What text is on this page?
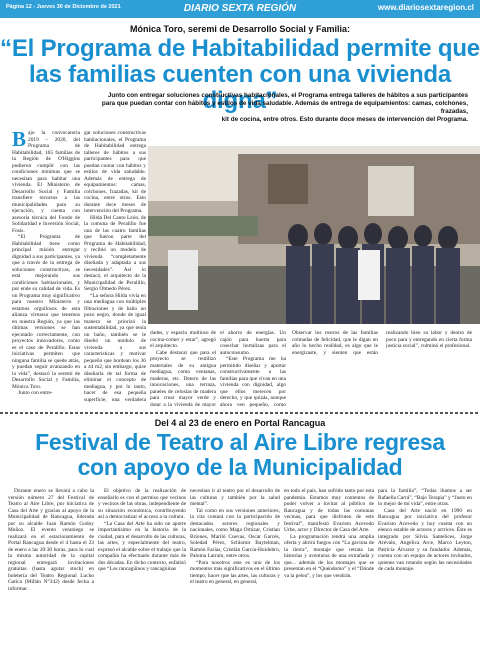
Página 12 - Jueves 30 de Diciembre de 2021	DIARIO SEXTA REGIÓN	www.diariosextaregion.cl
Mónica Toro, seremi de Desarrollo Social y Familia:
“El Programa de Habitabilidad permite que
las familias cuenten con una vivienda digna”
Junto con entregar soluciones constructivas habitacionales, el Programa entrega talleres de hábitos a sus participantes
para que puedan contar con hábitos y estilos de vida saludable. Además de entrega de equipamientos: camas, colchones, frazadas,
kit de cocina, entre otros. Esto durante doce meses de intervención del Programa.
B ajo la convocatoria 2019 – 2020, del Programa de Habitabilidad, 165 familias de la Región de O'Higgins pudieron cumplir con las condiciones mínimas que se necesitan para habitar una vivienda. El Ministerio de Desarrollo Social y Familia transfiere recursos a las municipalidades para su ejecución, y cuenta con asesoría técnica del Fondo de Solidaridad e Inversión Social, Fosis.

“El Programa de Habitabilidad tiene como principal misión entregar dignidad a sus participantes, ya que a través de la entrega de soluciones constructivas, se está mejorando sus condiciones habitacionales, y por ende su calidad de vida. Es un Programa muy significativo para nuestro Ministerio y estamos orgullosos de esta alianza virtuosa que tenemos en nuestra Región, ya que las últimas versiones se han ejecutado correctamente, con proyectos innovadores, como es el caso de Peralillo. Estas iniciativas permiten que ninguna familia se quede atrás, y puedan seguir avanzando en la vida”, destacó la seremi de Desarrollo Social y Familia, Mónica Toro.

Junto con entre-

gar soluciones constructivas habitacionales, el Programa de Habitabilidad entrega talleres de hábitos a sus participantes para que puedan contar con hábitos y estilos de vida saludable. Además de entrega de equipamientos: camas, colchones, frazadas, kit de cocina, entre otros. Esto durante doce meses de intervención del Programa.

Hilda Del Canto León, de la comuna de Peralillo fue una de las cuatro familias que fueron parte del Programa de Habitabilidad, y recibió un modelo de vivienda “completamente diseñada y adaptada a sus necesidades”. Así lo destacó, el arquitecto de la Municipalidad de Peralillo, Sergio Olmedo Pérez.

“La señora Hilda vivía en una mediagua con múltiples filtraciones y de baño un pozo negro, donde de igual manera se priorizó la sustentabilidad, ya que tenía un baño, también se le diseñó un módulo de vivienda a sus características y motivar pequeño que bordean los 36 a 44 m2, sin embargo, quise diseñarla de tal forma de eliminar el concepto de mediagua, y por lo tanto, hacer de esa pequeña superficie, una verdadera

dades, y espacio multiuso de cocina-comer y estar”, agregó el arquitecto.

Cabe destacar que para el proyecto se reutilizó materiales de su antigua mediagua, como ventanas, maderas, etc. Dentro de las innovaciones, una terraza, paneles de celosías de madera para crear mayor verde y dotar a la vivienda de mayor

el ahorro de energías. Un cajón para huerta para cosechar hortalizas para el autoconsumo.

“Este Programa me ha permitido diseñar y aportar constructivamente a las familias para que vivan en una vivienda con dignidad, algo que ellos merecen por derecho, y que quizás, aunque ahora ven pequeño, como

Observar los rostros de las familias colmadas de felicidad, que le digan un año lo hecho realidad, es algo que le energizaste, y sienten que están realizando bien su labor y dentro de poco para y entregando en cierta forma justicia social”, culminó el profesional.
Del 4 al 23 de enero en Portal Rancagua
Festival de Teatro al Aire Libre regresa
con apoyo de la Municipalidad

Durante enero se llevará a cabo la versión número 27 del Festival de Teatro al Aire Libre, por iniciativa de Casa del Arte y gracias al apoyo de la Municipalidad de Rancagua, liderada por su alcalde Juan Ramón Godoy Muñoz. El evento veraniego se realizará en el estacionamiento de Portal Rancagua desde el 4 hasta el 23 de enero a las 20:30 horas, para lo cual la misma autoridad de la capital regional entregará invitaciones gratuitas (hasta agotar stock) en boletería del Teatro Regional Lucho Gatica (Millán N°342) desde fecha a informar.

El objetivo de la realización de enseñarlo es con el permiso que vecinos y vecinos de las obras, independiente de su situación económica, contribuyendo así a democratizar el acceso a la cultura.

“La Casa del Arte ha sido un aporte importantísimo en la historia de la ciudad, para el desarrollo de las culturas, las artes, y especialmente del teatro, expresó el alcalde sobre el trabajo que la compañía ha efectuado durante más de dos décadas. En dicho contexto, enfatizó que “Los rancagüinos y rancagüinas

necesitan ir al teatro por el desarrollo de las culturas y también por la salud mental”.

Tal como en sus versiones anteriores, la cita contará con la participación de destacados actores regionales y nacionales, como Maga Ortúzar, Cristian Briones, Mariló Cuevas, Oscar Garcés, Soledad Pérez, Schlomit Baytelman, Ramón Farías, Cristián García-Huidobro, Paloma Larraín, entre otros.

“Para nosotros este es uno de los momentos más significativos en el último tiempo, hacer que las artes, las culturas y el teatro en general, en general,

en todo el país, han sufrido tanto por esta pandemia. Estamos muy contentos de poder volver a invitar al público de Rancagua y de todas las comunas vecinas, para que disfruten de este festival”, manifestó Evaristo Acevedo Urbe, actor y Director de Casa del Arte.

La programación tendrá una amplia oferta y abrirá fuegos con “La gaviota de la tierra”, montaje que retrata las historias y aventuras de una extrañada y que... además de los montajes que se presentan en el “Quéndomo” y el “Dónde va la pelea”, y los que vendrán.

para la familia”, “Todas ibamos a ser Rafaella Carrá”, “Bajo Terapia” y “Justo en lo mejor de mi vida”, entre otras.

Casa del Arte nació en 1990 en Rancagua por iniciativa del profesor Evaristo Acevedo y hoy cuenta con un elenco estable de actores y actrices. Éste es integrado por Silvia Santelices, Jorge Arévalo, Angélica Arce, Marco Leyton, Patricia Álvarez y su fundador. Además, cuenta con un equipo de actores invitados, quienes van rotando según las necesidades de cada montaje.
